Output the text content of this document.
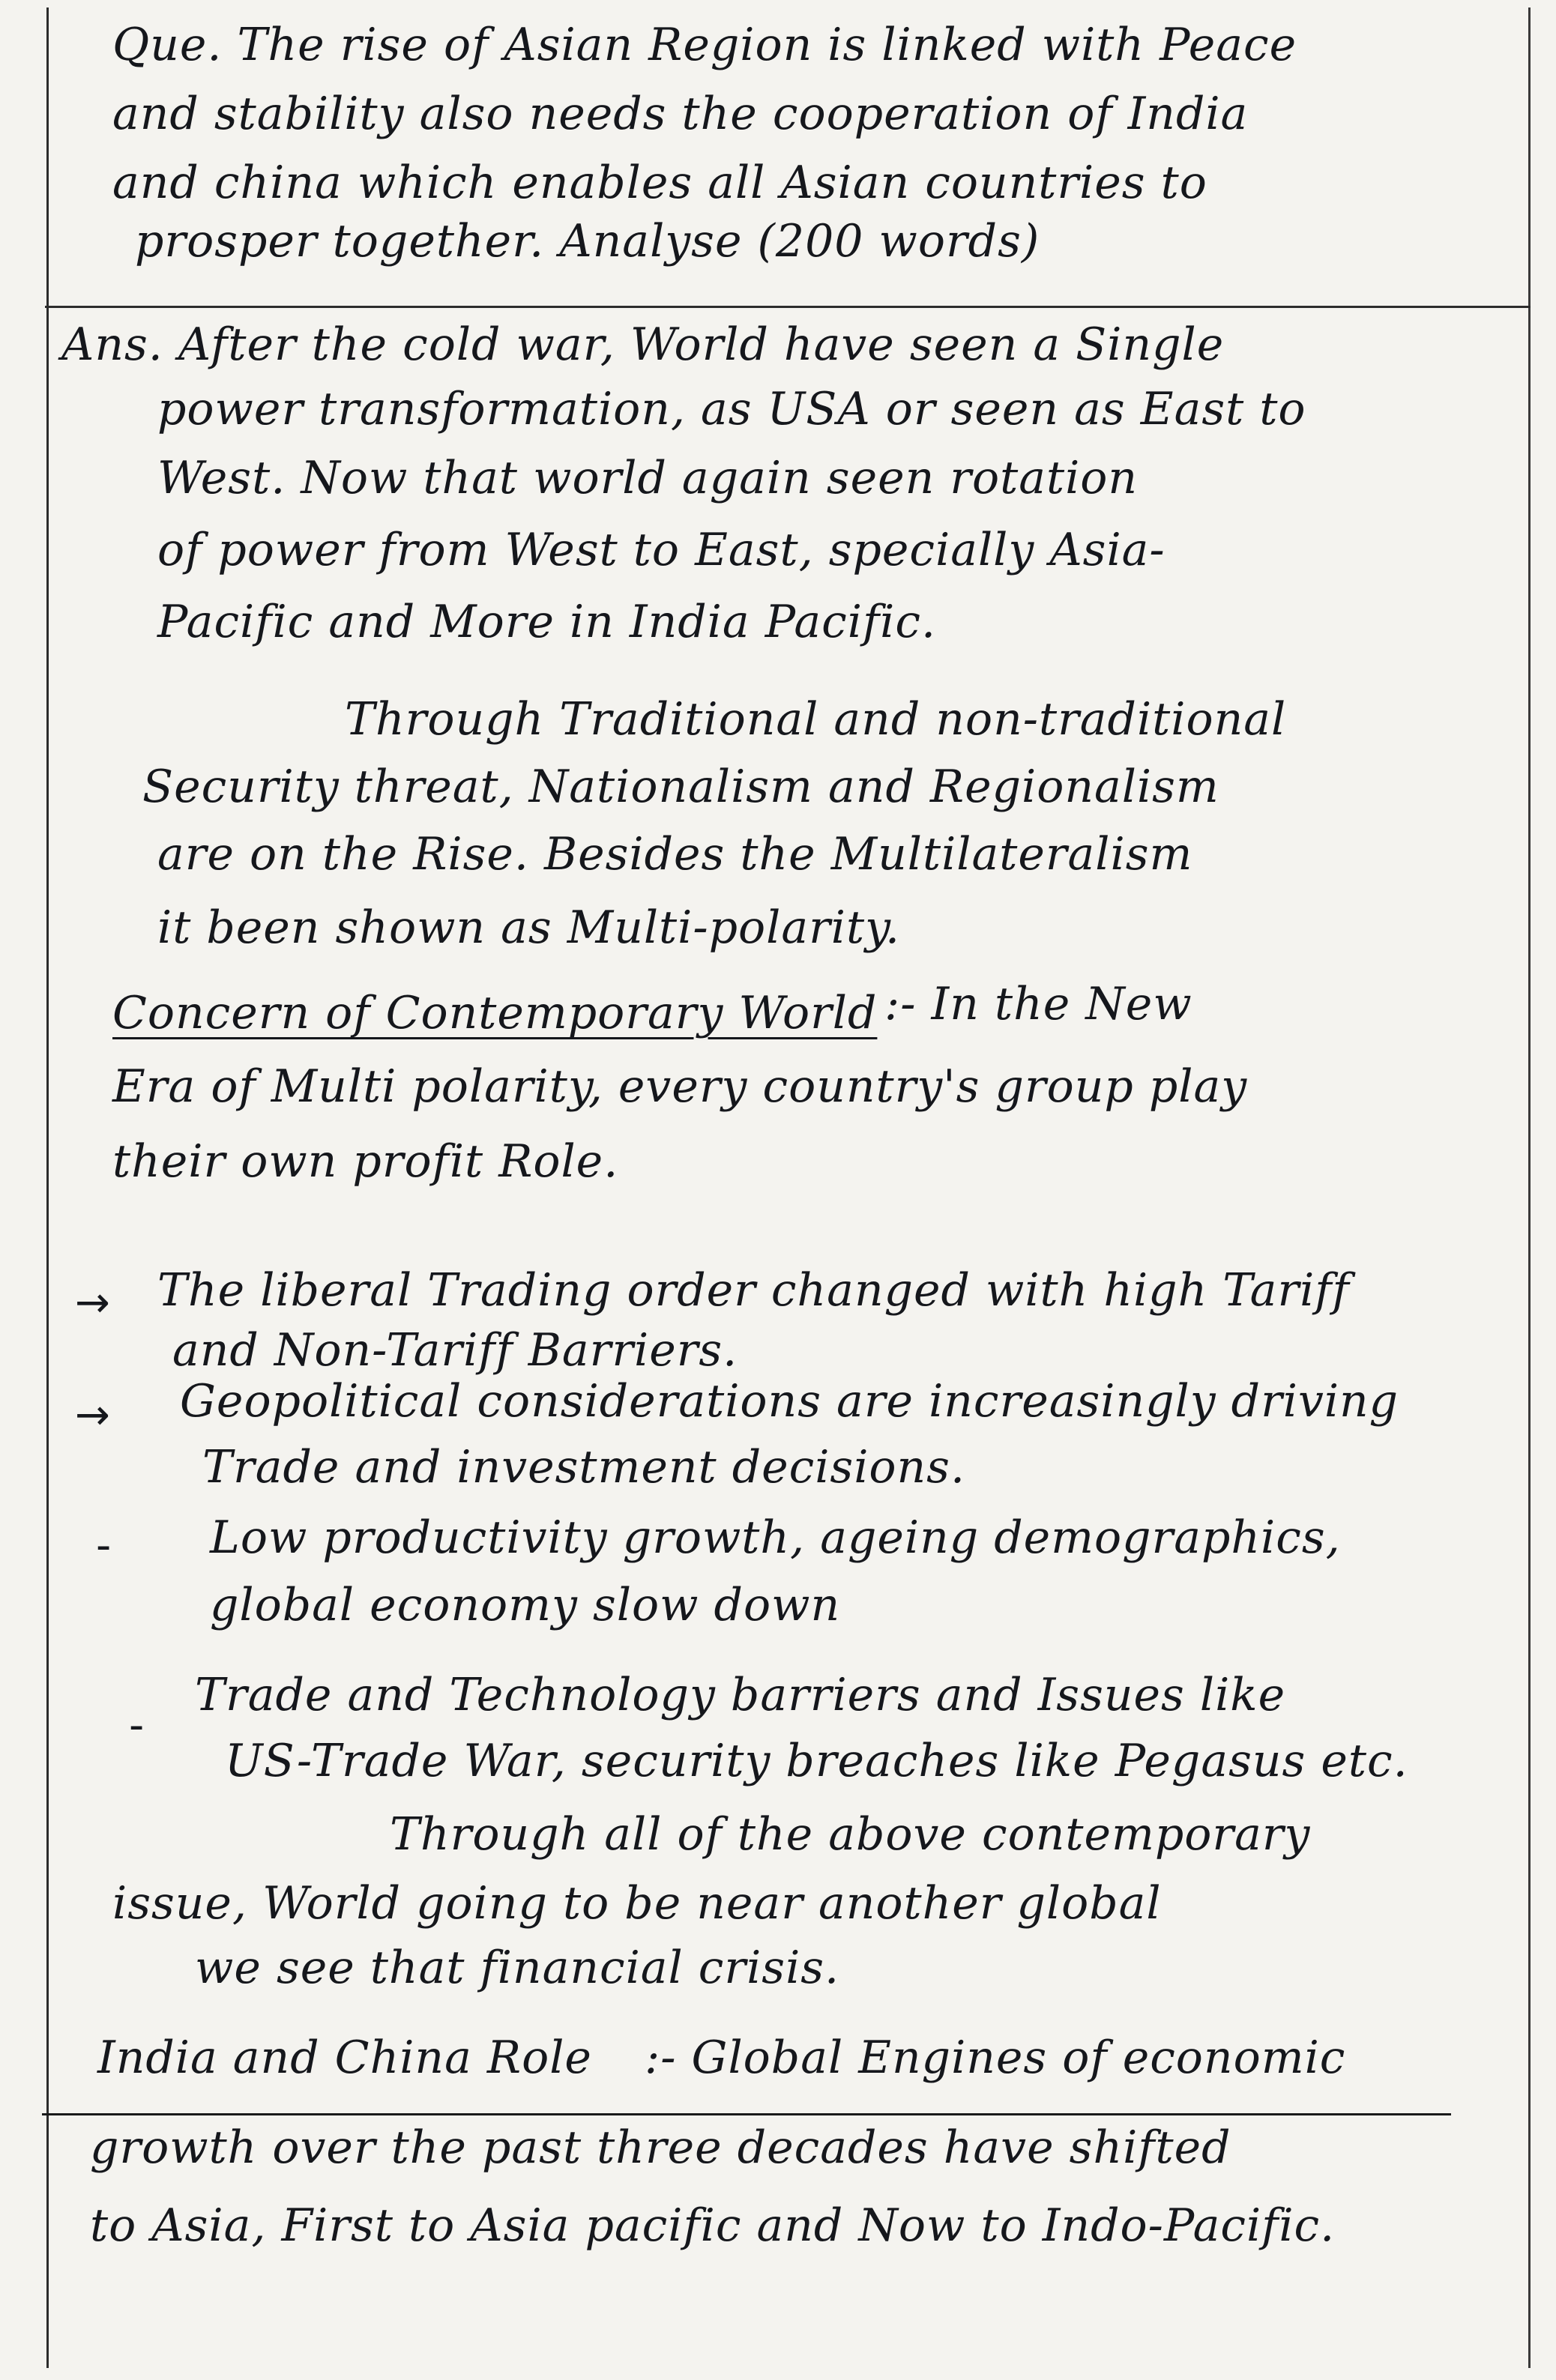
Que. The rise of Asian Region is linked with Peace
and stability also needs the cooperation of India
and china which enables all Asian countries to
prosper together. Analyse (200 words)
Ans. After the cold war, World have seen a Single
power transformation, as USA or seen as East to
West. Now that world again seen rotation
of power from West to East, specially Asia-
Pacific and More in India Pacific.
Through Traditional and non-traditional
Security threat, Nationalism and Regionalism
are on the Rise. Besides the Multilateralism
it been shown as Multi-polarity.
Concern of Contemporary World :- In the New
Era of Multi polarity, every country's group play
their own profit Role.
→ The liberal Trading order changed with high Tariff
and Non-Tariff Barriers.
→ Geopolitical considerations are increasingly driving
Trade and investment decisions.
- Low productivity growth, ageing demographics,
global economy slow down
-
Trade and Technology barriers and Issues like
US-Trade War, security breaches like Pegasus etc.
Through all of the above contemporary
issue, World going to be near another global
we see that financial crisis.
India and China Role :- Global Engines of economic
growth over the past three decades have shifted
to Asia, First to Asia pacific and Now to Indo-Pacific.
